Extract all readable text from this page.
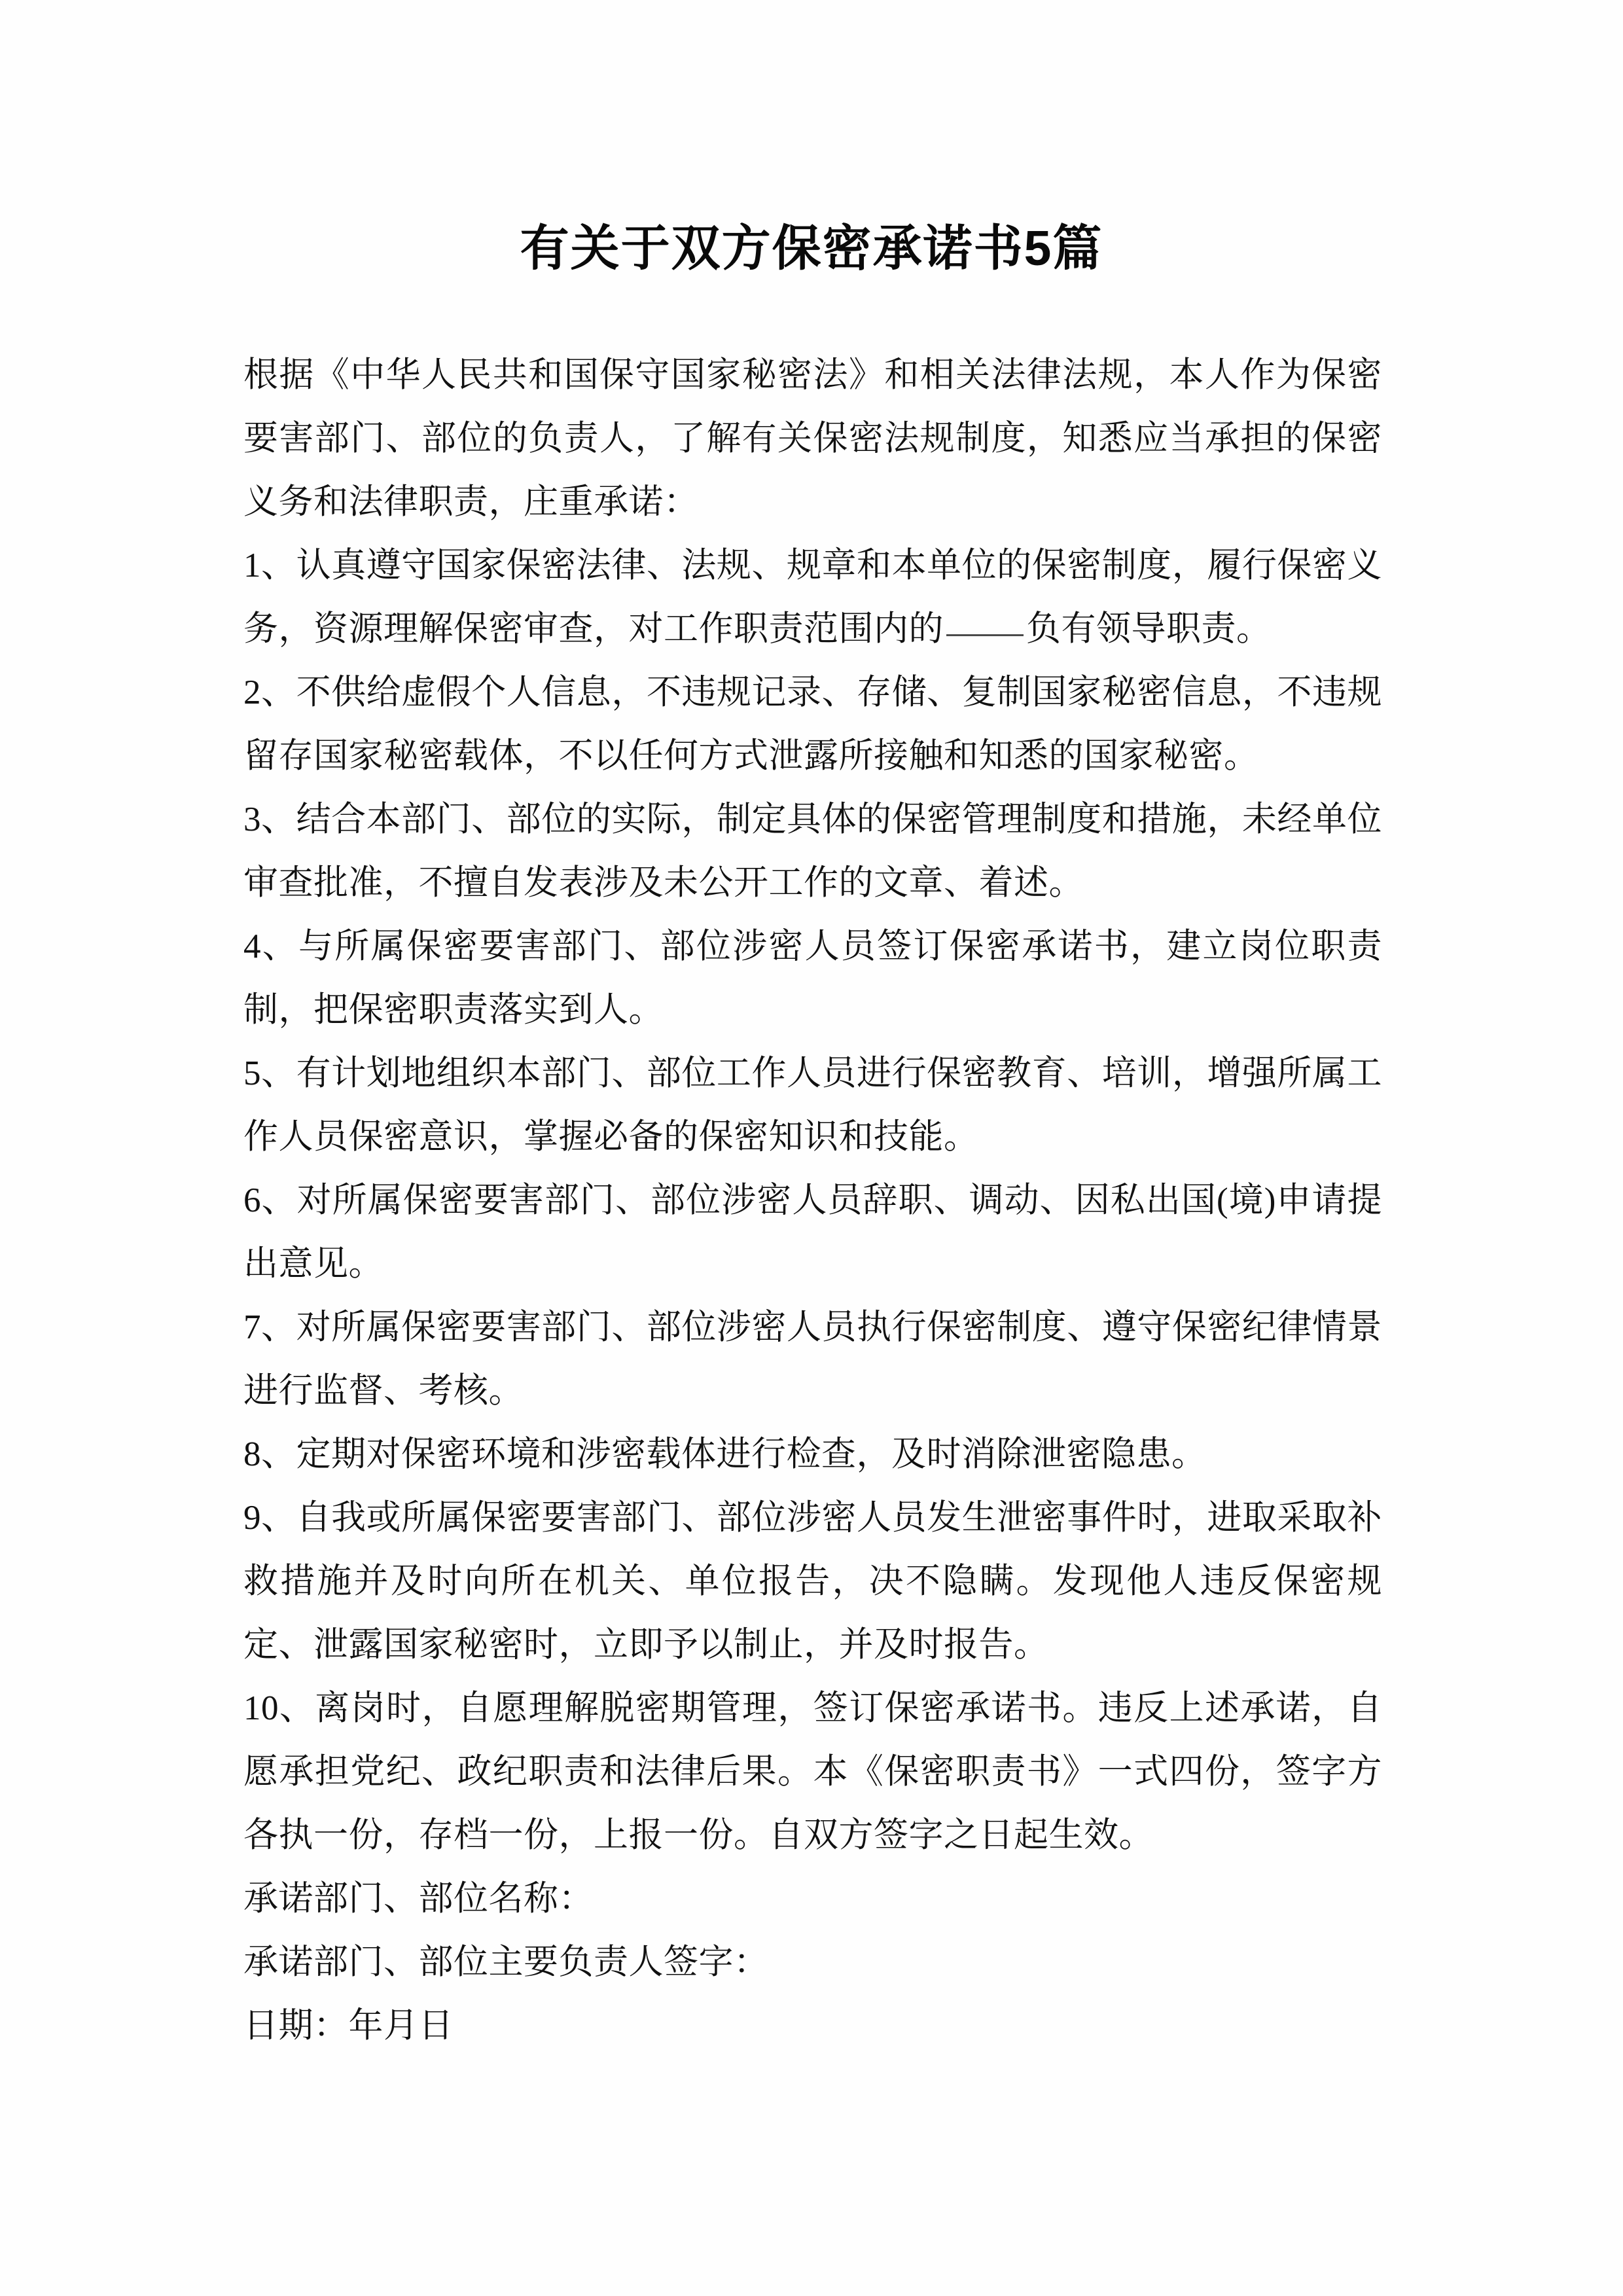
有关于双方保密承诺书5篇

根据《中华人民共和国保守国家秘密法》和相关法律法规，本人作为保密要害部门、部位的负责人，了解有关保密法规制度，知悉应当承担的保密义务和法律职责，庄重承诺：

1、认真遵守国家保密法律、法规、规章和本单位的保密制度，履行保密义务，资源理解保密审查，对工作职责范围内的 负有领导职责。

2、不供给虚假个人信息，不违规记录、存储、复制国家秘密信息，不违规留存国家秘密载体，不以任何方式泄露所接触和知悉的国家秘密。

3、结合本部门、部位的实际，制定具体的保密管理制度和措施，未经单位审查批准，不擅自发表涉及未公开工作的文章、着述。

4、与所属保密要害部门、部位涉密人员签订保密承诺书，建立岗位职责制，把保密职责落实到人。

5、有计划地组织本部门、部位工作人员进行保密教育、培训，增强所属工作人员保密意识，掌握必备的保密知识和技能。

6、对所属保密要害部门、部位涉密人员辞职、调动、因私出国(境)申请提出意见。

7、对所属保密要害部门、部位涉密人员执行保密制度、遵守保密纪律情景进行监督、考核。

8、定期对保密环境和涉密载体进行检查，及时消除泄密隐患。

9、自我或所属保密要害部门、部位涉密人员发生泄密事件时，进取采取补救措施并及时向所在机关、单位报告，决不隐瞒。发现他人违反保密规定、泄露国家秘密时，立即予以制止，并及时报告。

10、离岗时，自愿理解脱密期管理，签订保密承诺书。违反上述承诺，自愿承担党纪、政纪职责和法律后果。本《保密职责书》一式四份，签字方各执一份，存档一份，上报一份。自双方签字之日起生效。

承诺部门、部位名称：

承诺部门、部位主要负责人签字：

日期：年月日
